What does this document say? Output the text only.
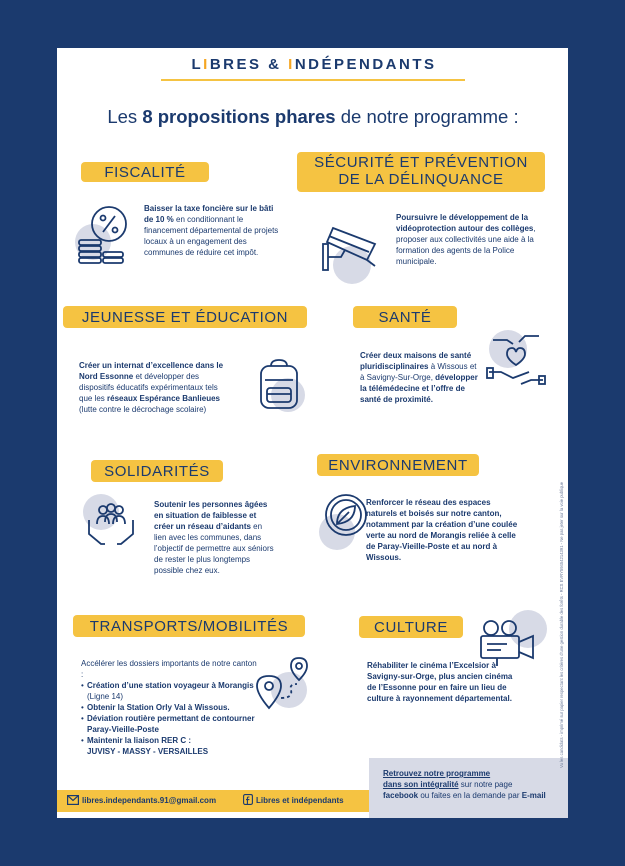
LIBRES & INDÉPENDANTS
Les 8 propositions phares de notre programme :
FISCALITÉ
Baisser la taxe foncière sur le bâti de 10 % en conditionnant le financement départemental de projets locaux à un engagement des communes de réduire cet impôt.
SÉCURITÉ ET PRÉVENTION
DE LA DÉLINQUANCE
Poursuivre le développement de la vidéoprotection autour des collèges, proposer aux collectivités une aide à la formation des agents de la Police municipale.
JEUNESSE ET ÉDUCATION
Créer un internat d’excellence dans le Nord Essonne et développer des dispositifs éducatifs expérimentaux tels que les réseaux Espérance Banlieues (lutte contre le décrochage scolaire)
SANTÉ
Créer deux maisons de santé pluridisciplinaires à Wissous et à Savigny-Sur-Orge, développer la télémédecine et l’offre de santé de proximité.
SOLIDARITÉS
Soutenir les personnes âgées en situation de faiblesse et créer un réseau d’aidants en lien avec les communes, dans l’objectif de permettre aux séniors de rester le plus longtemps possible chez eux.
ENVIRONNEMENT
Renforcer le réseau des espaces naturels et boisés sur notre canton, notamment par la création d’une coulée verte au nord de Morangis reliée à celle de Paray-Vieille-Poste et au nord à Wissous.
TRANSPORTS/MOBILITÉS
Accélérer les dossiers importants de notre canton :
• Création d’une station voyageur à Morangis (Ligne 14)
• Obtenir la Station Orly Val à Wissous.
• Déviation routière permettant de contourner Paray-Vieille-Poste
• Maintenir la liaison RER C :
JUVISY - MASSY - VERSAILLES
CULTURE
Réhabiliter le cinéma l’Excelsior à Savigny-sur-Orge, plus ancien cinéma de l’Essonne pour en faire un lieu de culture à rayonnement départemental.
libres.independants.91@gmail.com	Libres et indépendants
Retrouvez notre programme
dans son intégralité sur notre page
facebook ou faites en la demande par E-mail
Vu les candidats - imprimé sur papier respectant les critères d’une gestion durable des forêts - RCS EVRY59454214391 - Ne pas jeter sur la voie publique
